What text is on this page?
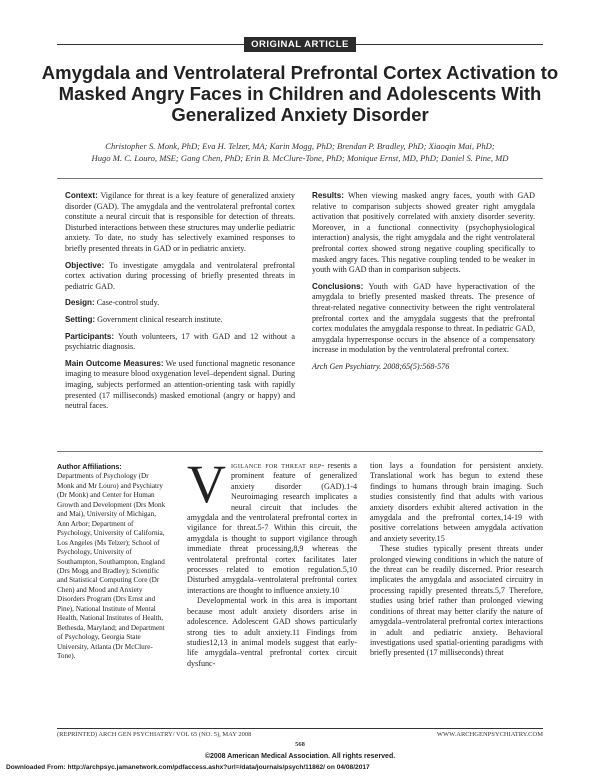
ORIGINAL ARTICLE
Amygdala and Ventrolateral Prefrontal Cortex Activation to Masked Angry Faces in Children and Adolescents With Generalized Anxiety Disorder
Christopher S. Monk, PhD; Eva H. Telzer, MA; Karin Mogg, PhD; Brendan P. Bradley, PhD; Xiaoqin Mai, PhD;
Hugo M. C. Louro, MSE; Gang Chen, PhD; Erin B. McClure-Tone, PhD; Monique Ernst, MD, PhD; Daniel S. Pine, MD

Context: Vigilance for threat is a key feature of generalized anxiety disorder (GAD). The amygdala and the ventrolateral prefrontal cortex constitute a neural circuit that is responsible for detection of threats. Disturbed interactions between these structures may underlie pediatric anxiety. To date, no study has selectively examined responses to briefly presented threats in GAD or in pediatric anxiety.

Objective: To investigate amygdala and ventrolateral prefrontal cortex activation during processing of briefly presented threats in pediatric GAD.

Design: Case-control study.

Setting: Government clinical research institute.

Participants: Youth volunteers, 17 with GAD and 12 without a psychiatric diagnosis.

Main Outcome Measures: We used functional magnetic resonance imaging to measure blood oxygenation level–dependent signal. During imaging, subjects performed an attention-orienting task with rapidly presented (17 milliseconds) masked emotional (angry or happy) and neutral faces.

Results: When viewing masked angry faces, youth with GAD relative to comparison subjects showed greater right amygdala activation that positively correlated with anxiety disorder severity. Moreover, in a functional connectivity (psychophysiological interaction) analysis, the right amygdala and the right ventrolateral prefrontal cortex showed strong negative coupling specifically to masked angry faces. This negative coupling tended to be weaker in youth with GAD than in comparison subjects.

Conclusions: Youth with GAD have hyperactivation of the amygdala to briefly presented masked threats. The presence of threat-related negative connectivity between the right ventrolateral prefrontal cortex and the amygdala suggests that the prefrontal cortex modulates the amygdala response to threat. In pediatric GAD, amygdala hyperresponse occurs in the absence of a compensatory increase in modulation by the ventrolateral prefrontal cortex.

Arch Gen Psychiatry. 2008;65(5):568-576

Author Affiliations:
Departments of Psychology (Dr Monk and Mr Louro) and Psychiatry (Dr Monk) and Center for Human Growth and Development (Drs Monk and Mai), University of Michigan, Ann Arbor; Department of Psychology, University of California, Los Angeles (Ms Telzer); School of Psychology, University of Southampton, Southampton, England (Drs Mogg and Bradley); Scientific and Statistical Computing Core (Dr Chen) and Mood and Anxiety Disorders Program (Drs Ernst and Pine), National Institute of Mental Health, National Institutes of Health, Bethesda, Maryland; and Department of Psychology, Georgia State University, Atlanta (Dr McClure-Tone).

Vigilance for threat rep- resents a prominent feature of generalized anxiety disorder (GAD).1-4 Neuroimaging research implicates a neural circuit that includes the amygdala and the ventrolateral prefrontal cortex in vigilance for threat.5-7 Within this circuit, the amygdala is thought to support vigilance through immediate threat processing,8,9 whereas the ventrolateral prefrontal cortex facilitates later processes related to emotion regulation.5,10 Disturbed amygdala–ventrolateral prefrontal cortex interactions are thought to influence anxiety.10

Developmental work in this area is important because most adult anxiety disorders arise in adolescence. Adolescent GAD shows particularly strong ties to adult anxiety.11 Findings from studies12,13 in animal models suggest that early-life amygdala–ventral prefrontal cortex circuit dysfunc-

tion lays a foundation for persistent anxiety. Translational work has begun to extend these findings to humans through brain imaging. Such studies consistently find that adults with various anxiety disorders exhibit altered activation in the amygdala and the prefrontal cortex,14-19 with positive correlations between amygdala activation and anxiety severity.15

These studies typically present threats under prolonged viewing conditions in which the nature of the threat can be readily discerned. Prior research implicates the amygdala and associated circuitry in processing rapidly presented threats.5,7 Therefore, studies using brief rather than prolonged viewing conditions of threat may better clarify the nature of amygdala–ventrolateral prefrontal cortex interactions in adult and pediatric anxiety. Behavioral investigations used spatial-orienting paradigms with briefly presented (17 milliseconds) threat

(REPRINTED) ARCH GEN PSYCHIATRY/ VOL 65 (NO. 5), MAY 2008	WWW.ARCHGENPSYCHIATRY.COM
568
©2008 American Medical Association. All rights reserved.
Downloaded From: http://archpsyc.jamanetwork.com/pdfaccess.ashx?url=/data/journals/psych/11862/ on 04/08/2017
